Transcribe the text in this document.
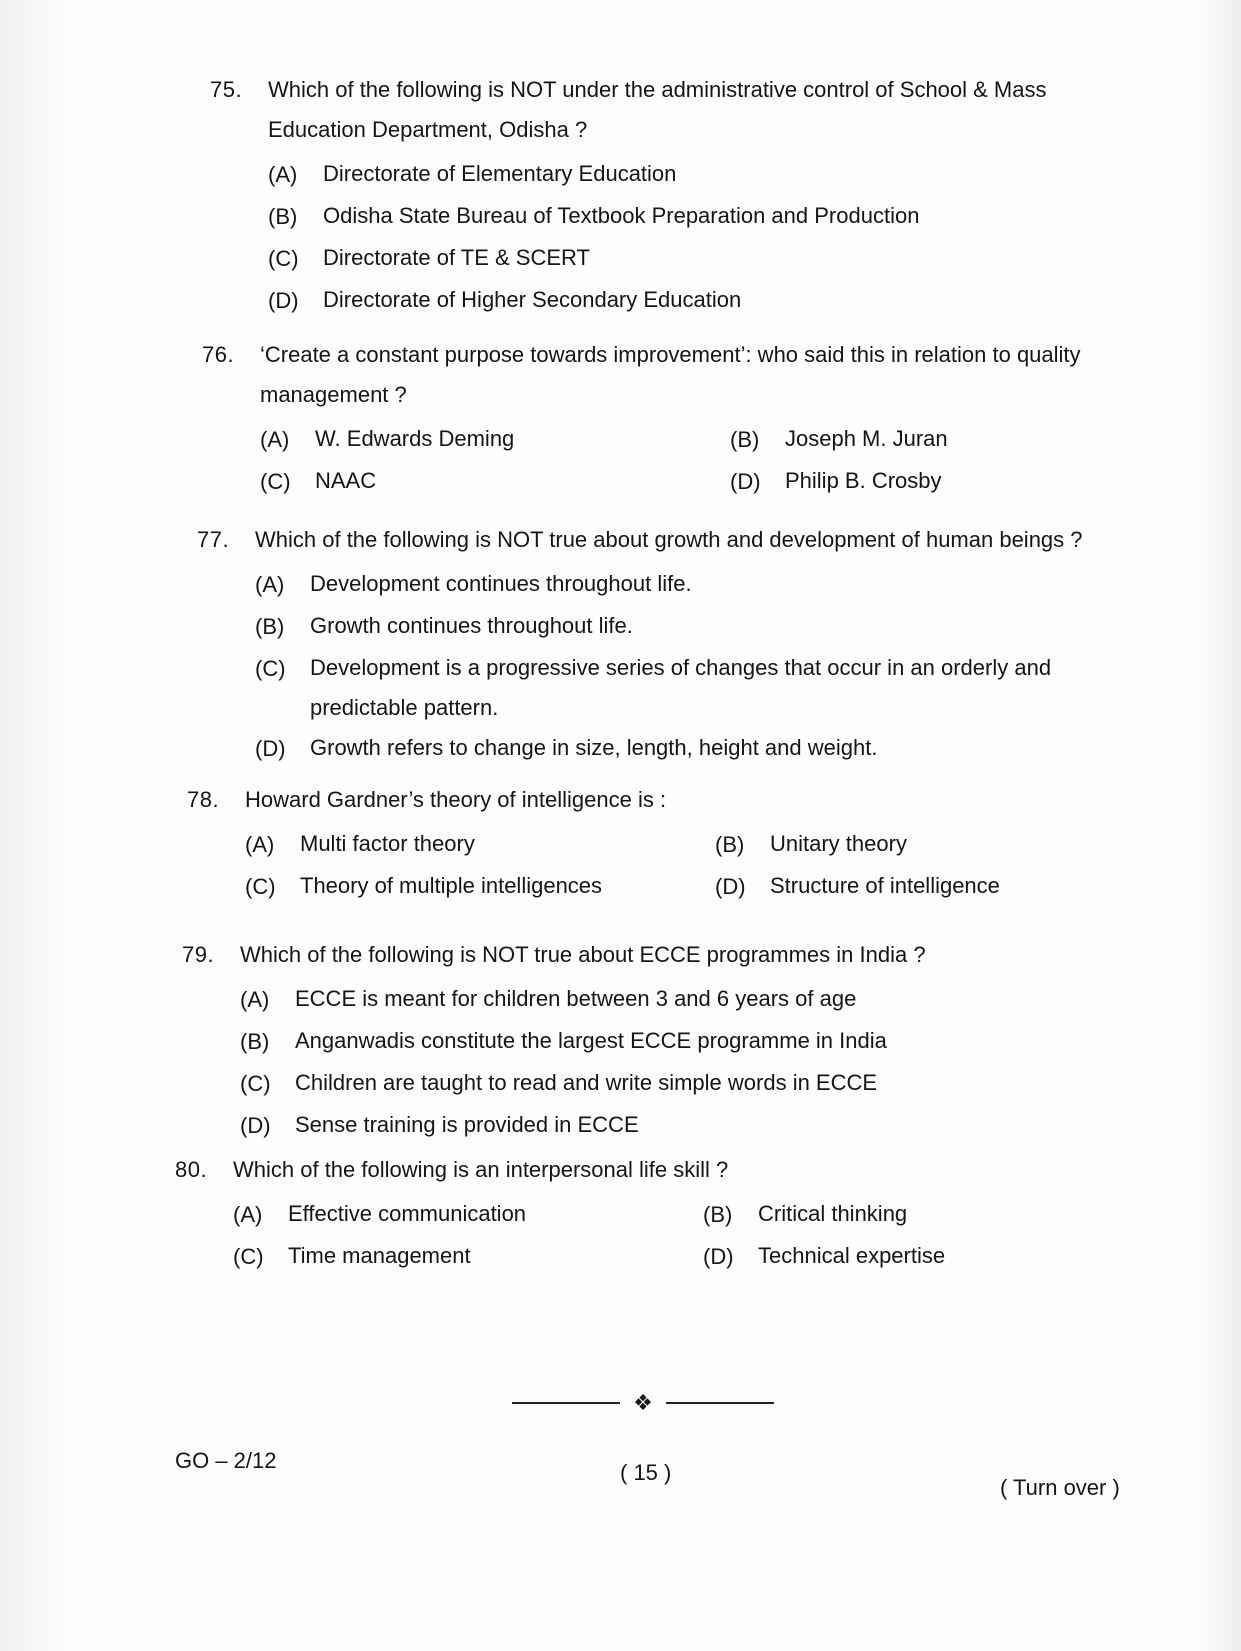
75.	Which of the following is NOT under the administrative control of School & Mass Education Department, Odisha ?
(A)	Directorate of Elementary Education
(B)	Odisha State Bureau of Textbook Preparation and Production
(C)	Directorate of TE & SCERT
(D)	Directorate of Higher Secondary Education
76.	‘Create a constant purpose towards improvement’: who said this in relation to quality management ?
(A)	W. Edwards Deming	(B)	Joseph M. Juran
(C)	NAAC	(D)	Philip B. Crosby
77.	Which of the following is NOT true about growth and development of human beings ?
(A)	Development continues throughout life.
(B)	Growth continues throughout life.
(C)	Development is a progressive series of changes that occur in an orderly and predictable pattern.
(D)	Growth refers to change in size, length, height and weight.
78.	Howard Gardner’s theory of intelligence is :
(A)	Multi factor theory	(B)	Unitary theory
(C)	Theory of multiple intelligences	(D)	Structure of intelligence
79.	Which of the following is NOT true about ECCE programmes in India ?
(A)	ECCE is meant for children between 3 and 6 years of age
(B)	Anganwadis constitute the largest ECCE programme in India
(C)	Children are taught to read and write simple words in ECCE
(D)	Sense training is provided in ECCE
80.	Which of the following is an interpersonal life skill ?
(A)	Effective communication	(B)	Critical thinking
(C)	Time management	(D)	Technical expertise
❖
GO – 2/12	( 15 )
( Turn over )
